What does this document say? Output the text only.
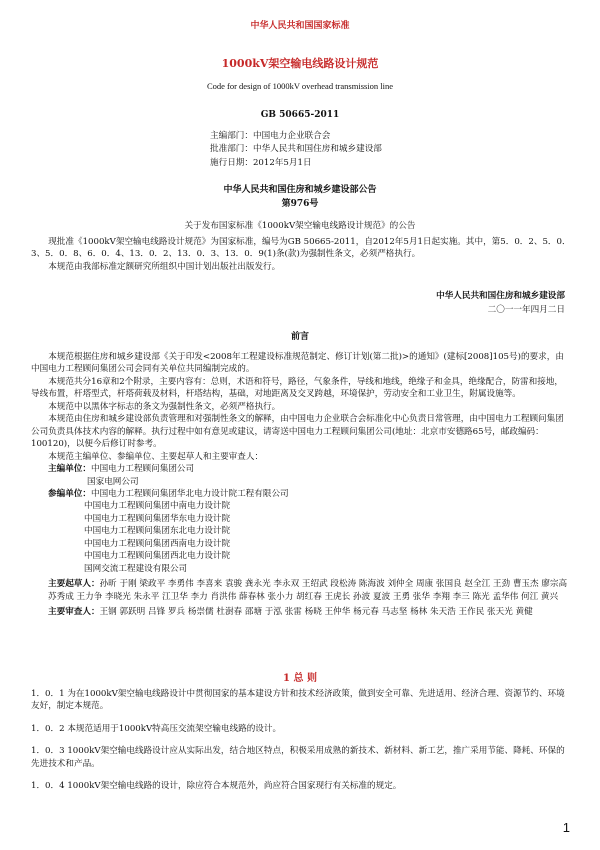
中华人民共和国国家标准
1000kV架空输电线路设计规范
Code for design of 1000kV overhead transmission line
GB 50665-2011
主编部门：中国电力企业联合会
批准部门：中华人民共和国住房和城乡建设部
施行日期：2012年5月1日
中华人民共和国住房和城乡建设部公告
第976号
关于发布国家标准《1000kV架空输电线路设计规范》的公告

现批准《1000kV架空输电线路设计规范》为国家标准，编号为GB 50665-2011，自2012年5月1日起实施。其中，第5．0．2、5．0．3、5．0．8、6．0．4、13．0．2、13．0．3、13．0．9(1)条(款)为强制性条文，必须严格执行。

本规范由我部标准定额研究所组织中国计划出版社出版发行。

中华人民共和国住房和城乡建设部
二〇一一年四月二日
前言

本规范根据住房和城乡建设部《关于印发<2008年工程建设标准规范制定、修订计划(第二批)>的通知》(建标[2008]105号)的要求，由中国电力工程顾问集团公司会同有关单位共同编制完成的。

本规范共分16章和2个附录，主要内容有：总则，术语和符号，路径，气象条件，导线和地线，绝缘子和金具，绝缘配合，防雷和接地，导线布置，杆塔型式，杆塔荷载及材料，杆塔结构，基础，对地距离及交叉跨越，环境保护，劳动安全和工业卫生，附属设施等。

本规范中以黑体字标志的条文为强制性条文，必须严格执行。

本规范由住房和城乡建设部负责管理和对强制性条文的解释，由中国电力企业联合会标准化中心负责日常管理，由中国电力工程顾问集团公司负责具体技术内容的解释。执行过程中如有意见或建议，请寄送中国电力工程顾问集团公司(地址：北京市安德路65号，邮政编码：100120)，以便今后修订时参考。

本规范主编单位、参编单位、主要起草人和主要审查人：

主编单位： 中国电力工程顾问集团公司
国家电网公司
参编单位： 中国电力工程顾问集团华北电力设计院工程有限公司
中国电力工程顾问集团中南电力设计院
中国电力工程顾问集团华东电力设计院
中国电力工程顾问集团东北电力设计院
中国电力工程顾问集团西南电力设计院
中国电力工程顾问集团西北电力设计院
国网交流工程建设有限公司
主要起草人：孙昕 于刚 梁政平 李勇伟 李喜来 袁骏 龚永光 李永双 王绍武 段松涛 陈海波 刘仲全 周康 张国良 赵全江 王劲 曹玉杰 廖宗高 苏秀成 王力争 李晓光 朱永平 江卫华 李力 肖洪伟 薛春林 张小力 胡红春 王虎长 孙波 夏波 王勇 张华 李翔 李三 陈光 孟华伟 何江 黄兴
主要审查人：王钢 郭跃明 吕锋 罗兵 杨崇儒 杜澍春 邵塘 于泓 张雷 杨晓 王仲华 杨元春 马志坚 杨林 朱天浩 王作民 张天光 黄健
1 总 则

1．0．1 为在1000kV架空输电线路设计中贯彻国家的基本建设方针和技术经济政策，做到安全可靠、先进适用、经济合理、资源节约、环境友好，制定本规范。

1．0．2 本规范适用于1000kV特高压交流架空输电线路的设计。

1．0．3 1000kV架空输电线路设计应从实际出发，结合地区特点，积极采用成熟的新技术、新材料、新工艺，推广采用节能、降耗、环保的先进技术和产品。

1．0．4 1000kV架空输电线路的设计，除应符合本规范外，尚应符合国家现行有关标准的规定。

1
